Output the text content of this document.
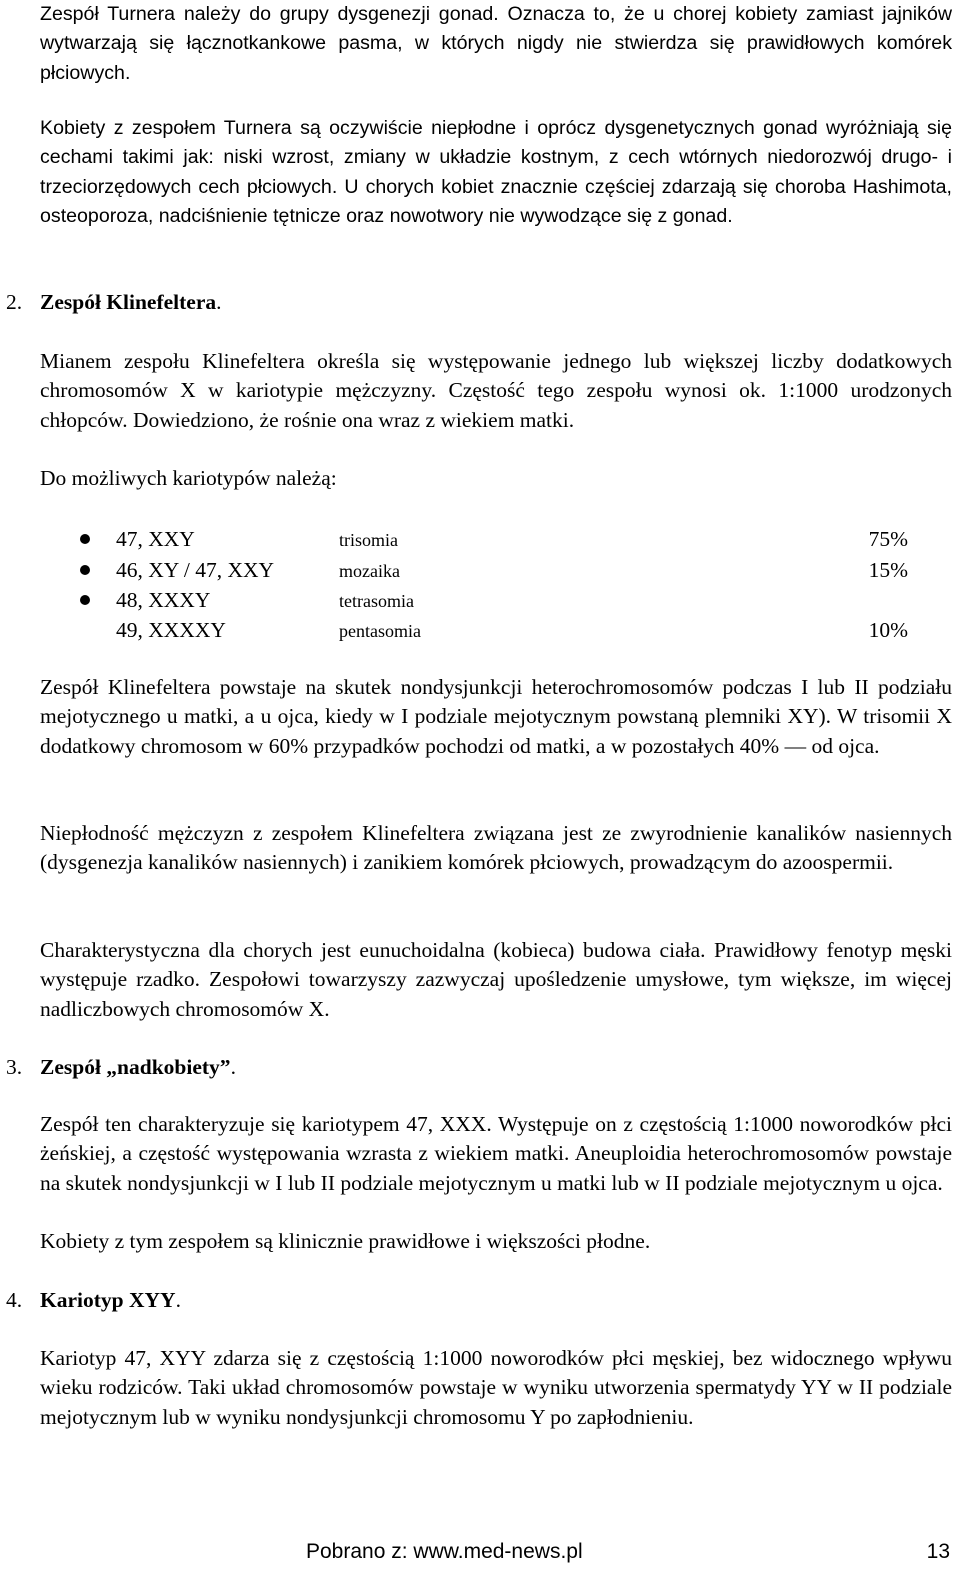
Zespół Turnera należy do grupy dysgenezji gonad. Oznacza to, że u chorej kobiety zamiast jajników wytwarzają się łącznotkankowe pasma, w których nigdy nie stwierdza się prawidłowych komórek płciowych.

Kobiety z zespołem Turnera są oczywiście niepłodne i oprócz dysgenetycznych gonad wyróżniają się cechami takimi jak: niski wzrost, zmiany w układzie kostnym, z cech wtórnych niedorozwój drugo- i trzeciorzędowych cech płciowych. U chorych kobiet znacznie częściej zdarzają się choroba Hashimota, osteoporoza, nadciśnienie tętnicze oraz nowotwory nie wywodzące się z gonad.

2. Zespół Klinefeltera.

Mianem zespołu Klinefeltera określa się występowanie jednego lub większej liczby dodatkowych chromosomów X w kariotypie mężczyzny. Częstość tego zespołu wynosi ok. 1:1000 urodzonych chłopców. Dowiedziono, że rośnie ona wraz z wiekiem matki.

Do możliwych kariotypów należą:

47, XXY	trisomia	75%
46, XY / 47, XXY	mozaika	15%
48, XXXY	tetrasomia
49, XXXXY	pentasomia	10%

Zespół Klinefeltera powstaje na skutek nondysjunkcji heterochromosomów podczas I lub II podziału mejotycznego u matki, a u ojca, kiedy w I podziale mejotycznym powstaną plemniki XY). W trisomii X dodatkowy chromosom w 60% przypadków pochodzi od matki, a w pozostałych 40% — od ojca.

Niepłodność mężczyzn z zespołem Klinefeltera związana jest ze zwyrodnienie kanalików nasiennych (dysgenezja kanalików nasiennych) i zanikiem komórek płciowych, prowadzącym do azoospermii.

Charakterystyczna dla chorych jest eunuchoidalna (kobieca) budowa ciała. Prawidłowy fenotyp męski występuje rzadko. Zespołowi towarzyszy zazwyczaj upośledzenie umysłowe, tym większe, im więcej nadliczbowych chromosomów X.

3. Zespół „nadkobiety”.

Zespół ten charakteryzuje się kariotypem 47, XXX. Występuje on z częstością 1:1000 noworodków płci żeńskiej, a częstość występowania wzrasta z wiekiem matki. Aneuploidia heterochromosomów powstaje na skutek nondysjunkcji w I lub II podziale mejotycznym u matki lub w II podziale mejotycznym u ojca.

Kobiety z tym zespołem są klinicznie prawidłowe i większości płodne.

4. Kariotyp XYY.

Kariotyp 47, XYY zdarza się z częstością 1:1000 noworodków płci męskiej, bez widocznego wpływu wieku rodziców. Taki układ chromosomów powstaje w wyniku utworzenia spermatydy YY w II podziale mejotycznym lub w wyniku nondysjunkcji chromosomu Y po zapłodnieniu.

Pobrano z: www.med-news.pl	13
